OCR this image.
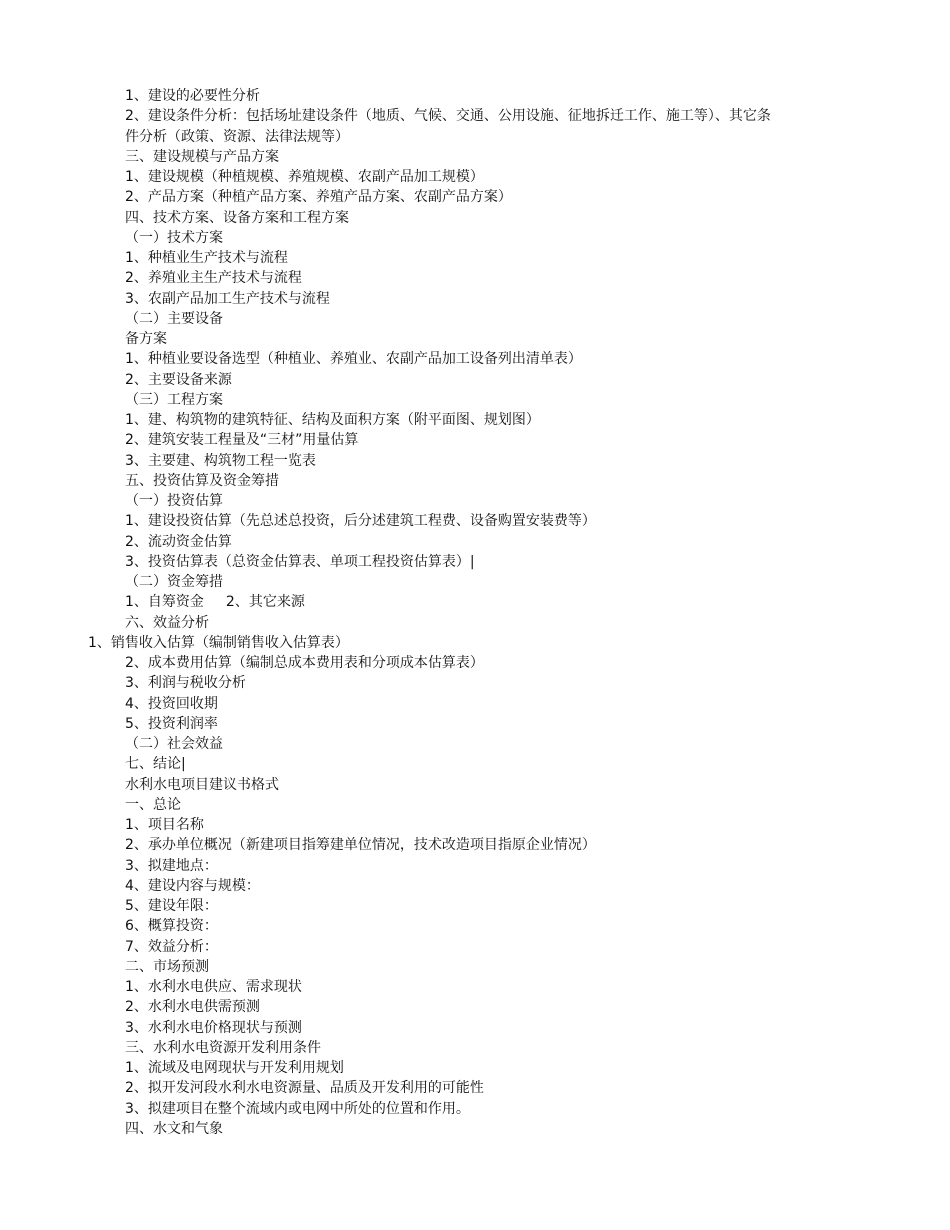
1、建设的必要性分析
2、建设条件分析：包括场址建设条件（地质、气候、交通、公用设施、征地拆迁工作、施工等）、其它条
件分析（政策、资源、法律法规等）
三、建设规模与产品方案
1、建设规模（种植规模、养殖规模、农副产品加工规模）
2、产品方案（种植产品方案、养殖产品方案、农副产品方案）
四、技术方案、设备方案和工程方案
（一）技术方案
1、种植业生产技术与流程
2、养殖业主生产技术与流程
3、农副产品加工生产技术与流程
（二）主要设备
备方案
1、种植业要设备选型（种植业、养殖业、农副产品加工设备列出清单表）
2、主要设备来源
（三）工程方案
1、建、构筑物的建筑特征、结构及面积方案（附平面图、规划图）
2、建筑安装工程量及“三材”用量估算
3、主要建、构筑物工程一览表
五、投资估算及资金筹措
（一）投资估算
1、建设投资估算（先总述总投资，后分述建筑工程费、设备购置安装费等）
2、流动资金估算
3、投资估算表（总资金估算表、单项工程投资估算表）|
（二）资金筹措
1、自筹资金 2、其它来源
六、效益分析
1、销售收入估算（编制销售收入估算表）
2、成本费用估算（编制总成本费用表和分项成本估算表）
3、利润与税收分析
4、投资回收期
5、投资利润率
（二）社会效益
七、结论|
水利水电项目建议书格式
一、总论
1、项目名称
2、承办单位概况（新建项目指筹建单位情况，技术改造项目指原企业情况）
3、拟建地点：
4、建设内容与规模：
5、建设年限：
6、概算投资：
7、效益分析：
二、市场预测
1、水利水电供应、需求现状
2、水利水电供需预测
3、水利水电价格现状与预测
三、水利水电资源开发利用条件
1、流域及电网现状与开发利用规划
2、拟开发河段水利水电资源量、品质及开发利用的可能性
3、拟建项目在整个流域内或电网中所处的位置和作用。
四、水文和气象
